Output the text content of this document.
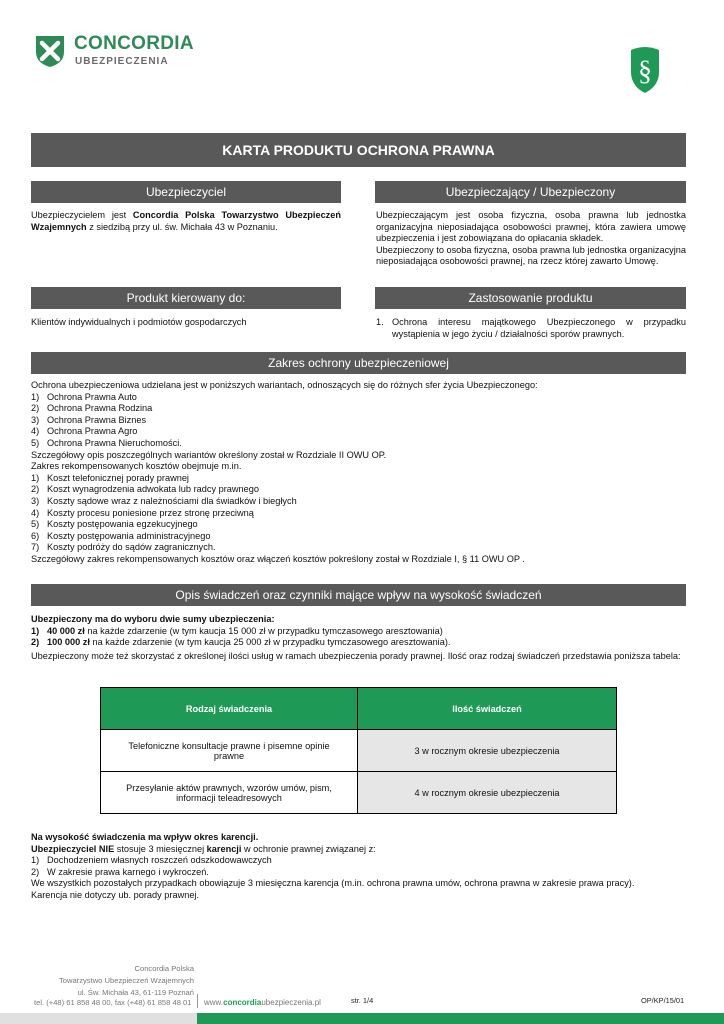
CONCORDIA
UBEZPIECZENIA	§
KARTA PRODUKTU OCHRONA PRAWNA
Ubezpieczyciel
Ubezpieczycielem jest Concordia Polska Towarzystwo Ubezpieczeń Wzajemnych z siedzibą przy ul. św. Michała 43 w Poznaniu.
Ubezpieczający / Ubezpieczony
Ubezpieczającym jest osoba fizyczna, osoba prawna lub jednostka organizacyjna nieposiadająca osobowości prawnej, która zawiera umowę ubezpieczenia i jest zobowiązana do opłacania składek.
Ubezpieczony to osoba fizyczna, osoba prawna lub jednostka organizacyjna nieposiadająca osobowości prawnej, na rzecz której zawarto Umowę.
Produkt kierowany do:
Klientów indywidualnych i podmiotów gospodarczych
Zastosowanie produktu
1. Ochrona interesu majątkowego Ubezpieczonego w przypadku wystąpienia w jego życiu / działalności sporów prawnych.
Zakres ochrony ubezpieczeniowej
Ochrona ubezpieczeniowa udzielana jest w poniższych wariantach, odnoszących się do różnych sfer życia Ubezpieczonego:
1) Ochrona Prawna Auto
2) Ochrona Prawna Rodzina
3) Ochrona Prawna Biznes
4) Ochrona Prawna Agro
5) Ochrona Prawna Nieruchomości.
Szczegółowy opis poszczególnych wariantów określony został w Rozdziale II OWU OP.
Zakres rekompensowanych kosztów obejmuje m.in.
1) Koszt telefonicznej porady prawnej
2) Koszt wynagrodzenia adwokata lub radcy prawnego
3) Koszty sądowe wraz z należnościami dla świadków i biegłych
4) Koszty procesu poniesione przez stronę przeciwną
5) Koszty postępowania egzekucyjnego
6) Koszty postępowania administracyjnego
7) Koszty podróży do sądów zagranicznych.
Szczegółowy zakres rekompensowanych kosztów oraz włączeń kosztów pokreślony został w Rozdziale I, § 11 OWU OP .
Opis świadczeń oraz czynniki mające wpływ na wysokość świadczeń
Ubezpieczony ma do wyboru dwie sumy ubezpieczenia:
1) 40 000 zł na każde zdarzenie (w tym kaucja 15 000 zł w przypadku tymczasowego aresztowania)
2) 100 000 zł na każde zdarzenie (w tym kaucja 25 000 zł w przypadku tymczasowego aresztowania).
Ubezpieczony może też skorzystać z określonej ilości usług w ramach ubezpieczenia porady prawnej. Ilość oraz rodzaj świadczeń przedstawia poniższa tabela:
Rodzaj świadczenia	Ilość świadczeń
Telefoniczne konsultacje prawne i pisemne opinie prawne	3 w rocznym okresie ubezpieczenia
Przesyłanie aktów prawnych, wzorów umów, pism, informacji teleadresowych	4 w rocznym okresie ubezpieczenia
Na wysokość świadczenia ma wpływ okres karencji.
Ubezpieczyciel NIE stosuje 3 miesięcznej karencji w ochronie prawnej związanej z:
1) Dochodzeniem własnych roszczeń odszkodowawczych
2) W zakresie prawa karnego i wykroczeń.
We wszystkich pozostałych przypadkach obowiązuje 3 miesięczna karencja (m.in. ochrona prawna umów, ochrona prawna w zakresie prawa pracy).
Karencja nie dotyczy ub. porady prawnej.
Concordia Polska
Towarzystwo Ubezpieczeń Wzajemnych
ul. Św. Michała 43, 61-119 Poznań
tel. (+48) 61 858 48 00, fax (+48) 61 858 48 01 www.concordiaubezpieczenia.pl	str. 1/4	OP/KP/15/01
